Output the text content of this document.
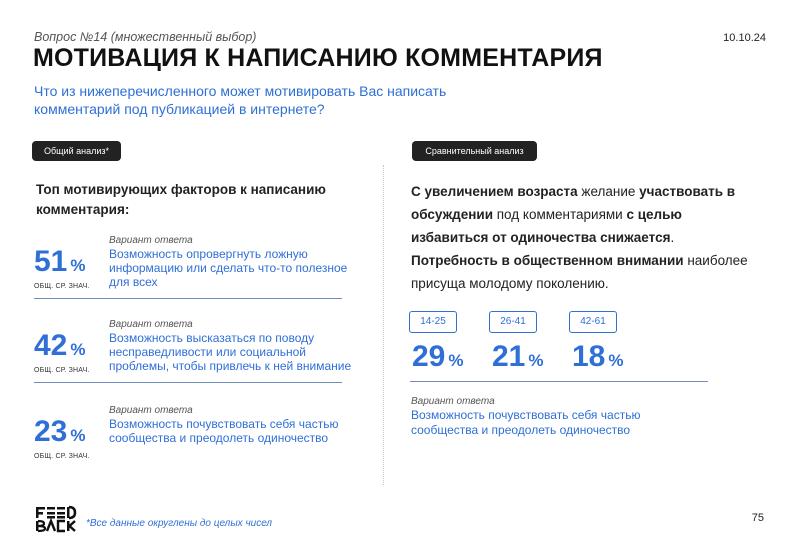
Вопрос №14 (множественный выбор)	10.10.24
МОТИВАЦИЯ К НАПИСАНИЮ КОММЕНТАРИЯ
Что из нижеперечисленного может мотивировать Вас написать комментарий под публикацией в интернете?
Общий анализ*	Сравнительный анализ
Топ мотивирующих факторов к написанию комментария:
51 %
ОБЩ. СР. ЗНАЧ.
Вариант ответа
Возможность опровергнуть ложную информацию или сделать что-то полезное для всех
42 %
ОБЩ. СР. ЗНАЧ.
Вариант ответа
Возможность высказаться по поводу несправедливости или социальной проблемы, чтобы привлечь к ней внимание
23 %
ОБЩ. СР. ЗНАЧ.
Вариант ответа
Возможность почувствовать себя частью сообщества и преодолеть одиночество
С увеличением возраста желание участвовать в обсуждении под комментариями с целью избавиться от одиночества снижается.
Потребность в общественном внимании наиболее присуща молодому поколению.
14-25	26-41	42-61
29 % 21 % 18 %
Вариант ответа
Возможность почувствовать себя частью сообщества и преодолеть одиночество
*Все данные округлены до целых чисел	75
